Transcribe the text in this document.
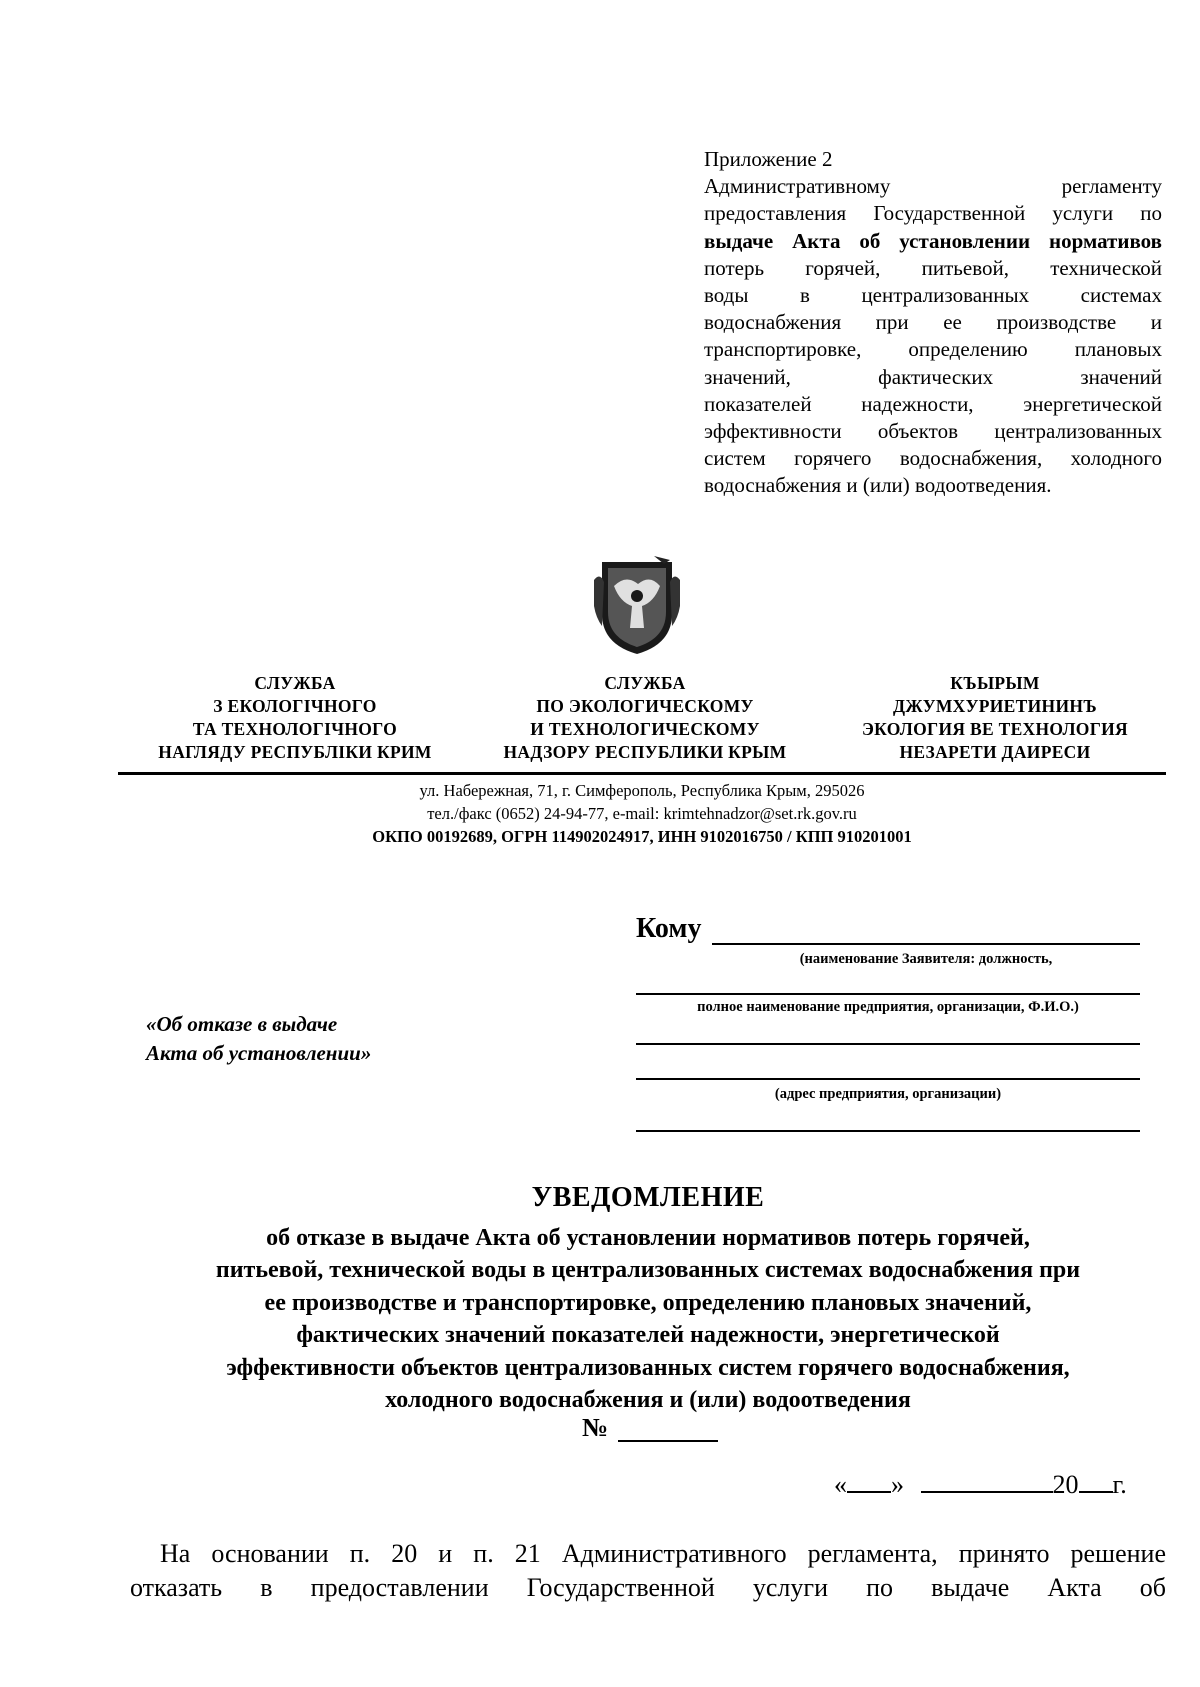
Приложение 2
Административному регламенту
предоставления Государственной услуги по
выдаче Акта об установлении нормативов
потерь горячей, питьевой, технической
воды в централизованных системах
водоснабжения при ее производстве и
транспортировке, определению плановых
значений, фактических значений
показателей надежности, энергетической
эффективности объектов централизованных
систем горячего водоснабжения, холодного
водоснабжения и (или) водоотведения.
СЛУЖБА
З ЕКОЛОГІЧНОГО
ТА ТЕХНОЛОГІЧНОГО
НАГЛЯДУ РЕСПУБЛІКИ КРИМ
СЛУЖБА
ПО ЭКОЛОГИЧЕСКОМУ
И ТЕХНОЛОГИЧЕСКОМУ
НАДЗОРУ РЕСПУБЛИКИ КРЫМ
КЪЫРЫМ
ДЖУМХУРИЕТИНИНЪ
ЭКОЛОГИЯ ВЕ ТЕХНОЛОГИЯ
НЕЗАРЕТИ ДАИРЕСИ
ул. Набережная, 71, г. Симферополь, Республика Крым, 295026
тел./факс (0652) 24-94-77, e-mail: krimtehnadzor@set.rk.gov.ru
ОКПО 00192689, ОГРН 114902024917, ИНН 9102016750 / КПП 910201001
Кому
(наименование Заявителя: должность,
полное наименование предприятия, организации, Ф.И.О.)
(адрес предприятия, организации)
«Об отказе в выдаче
Акта об установлении»
УВЕДОМЛЕНИЕ
об отказе в выдаче Акта об установлении нормативов потерь горячей,
питьевой, технической воды в централизованных системах водоснабжения при
ее производстве и транспортировке, определению плановых значений,
фактических значений показателей надежности, энергетической
эффективности объектов централизованных систем горячего водоснабжения,
холодного водоснабжения и (или) водоотведения
№
« »	20 г.
На основании п. 20 и п. 21 Административного регламента, принято решение
отказать в предоставлении Государственной услуги по выдаче Акта об
